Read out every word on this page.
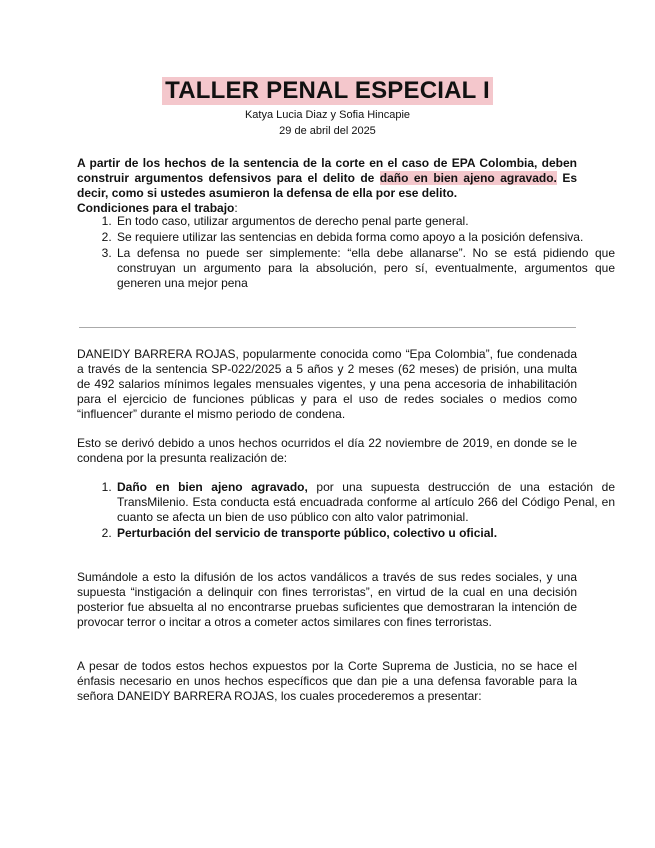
TALLER PENAL ESPECIAL I
Katya Lucia Diaz y Sofia Hincapie
29 de abril del 2025
A partir de los hechos de la sentencia de la corte en el caso de EPA Colombia, deben construir argumentos defensivos para el delito de daño en bien ajeno agravado. Es decir, como si ustedes asumieron la defensa de ella por ese delito.
Condiciones para el trabajo:
1. En todo caso, utilizar argumentos de derecho penal parte general.
2. Se requiere utilizar las sentencias en debida forma como apoyo a la posición defensiva.
3. La defensa no puede ser simplemente: “ella debe allanarse”. No se está pidiendo que construyan un argumento para la absolución, pero sí, eventualmente, argumentos que generen una mejor pena
DANEIDY BARRERA ROJAS, popularmente conocida como “Epa Colombia”, fue condenada a través de la sentencia SP-022/2025 a 5 años y 2 meses (62 meses) de prisión, una multa de 492 salarios mínimos legales mensuales vigentes, y una pena accesoria de inhabilitación para el ejercicio de funciones públicas y para el uso de redes sociales o medios como “influencer” durante el mismo periodo de condena.
Esto se derivó debido a unos hechos ocurridos el día 22 noviembre de 2019, en donde se le condena por la presunta realización de:
1. Daño en bien ajeno agravado, por una supuesta destrucción de una estación de TransMilenio. Esta conducta está encuadrada conforme al artículo 266 del Código Penal, en cuanto se afecta un bien de uso público con alto valor patrimonial.
2. Perturbación del servicio de transporte público, colectivo u oficial.
Sumándole a esto la difusión de los actos vandálicos a través de sus redes sociales, y una supuesta “instigación a delinquir con fines terroristas”, en virtud de la cual en una decisión posterior fue absuelta al no encontrarse pruebas suficientes que demostraran la intención de provocar terror o incitar a otros a cometer actos similares con fines terroristas.
A pesar de todos estos hechos expuestos por la Corte Suprema de Justicia, no se hace el énfasis necesario en unos hechos específicos que dan pie a una defensa favorable para la señora DANEIDY BARRERA ROJAS, los cuales procederemos a presentar:
